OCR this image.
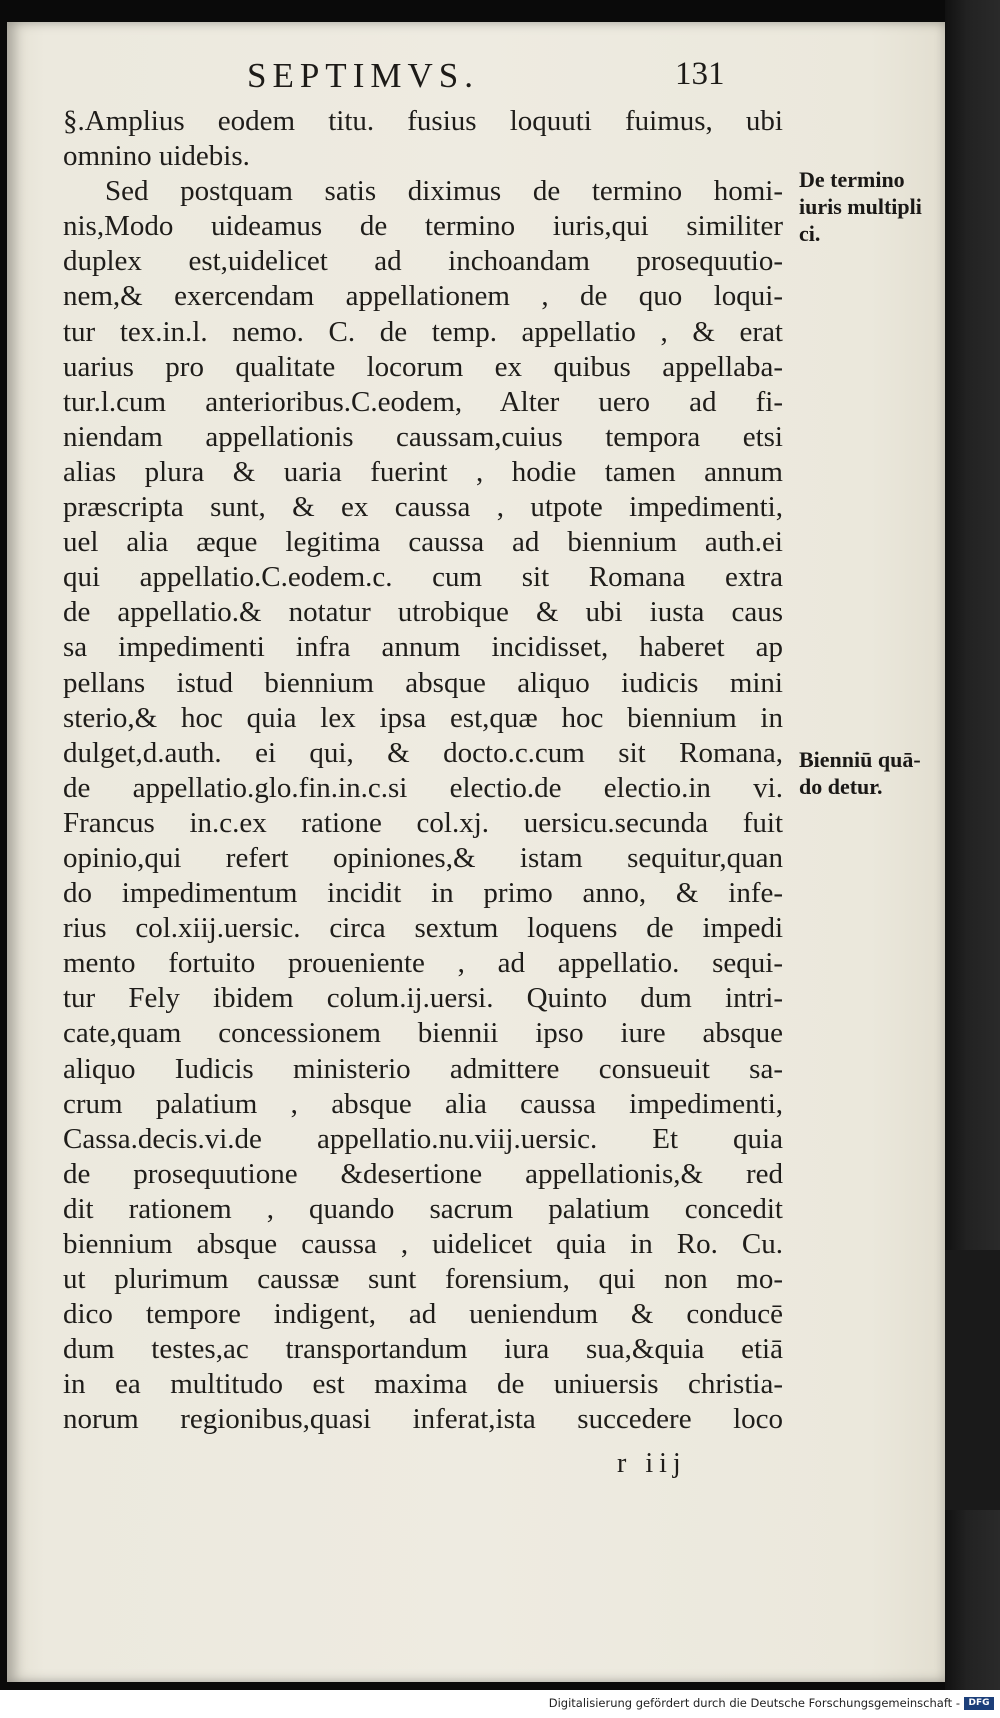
SEPTIMVS.	131
§.Amplius eodem titu. fusius loquuti fuimus, ubi
omnino uidebis.
Sed postquam satis diximus de termino homi-
nis,Modo uideamus de termino iuris,qui similiter
duplex est,uidelicet ad inchoandam prosequutio-
nem,& exercendam appellationem , de quo loqui-
tur tex.in.l. nemo. C. de temp. appellatio , & erat
uarius pro qualitate locorum ex quibus appellaba-
tur.l.cum anterioribus.C.eodem, Alter uero ad fi-
niendam appellationis caussam,cuius tempora etsi
alias plura & uaria fuerint , hodie tamen annum
præscripta sunt, & ex caussa , utpote impedimenti,
uel alia æque legitima caussa ad biennium auth.ei
qui appellatio.C.eodem.c. cum sit Romana extra
de appellatio.& notatur utrobique & ubi iusta caus
sa impedimenti infra annum incidisset, haberet ap
pellans istud biennium absque aliquo iudicis mini
sterio,& hoc quia lex ipsa est,quæ hoc biennium in
dulget,d.auth. ei qui, & docto.c.cum sit Romana,
de appellatio.glo.fin.in.c.si electio.de electio.in vi.
Francus in.c.ex ratione col.xj. uersicu.secunda fuit
opinio,qui refert opiniones,& istam sequitur,quan
do impedimentum incidit in primo anno, & infe-
rius col.xiij.uersic. circa sextum loquens de impedi
mento fortuito proueniente , ad appellatio. sequi-
tur Fely ibidem colum.ij.uersi. Quinto dum intri-
cate,quam concessionem biennii ipso iure absque
aliquo Iudicis ministerio admittere consueuit sa-
crum palatium , absque alia caussa impedimenti,
Cassa.decis.vi.de appellatio.nu.viij.uersic. Et quia
de prosequutione &desertione appellationis,& red
dit rationem , quando sacrum palatium concedit
biennium absque caussa , uidelicet quia in Ro. Cu.
ut plurimum caussæ sunt forensium, qui non mo-
dico tempore indigent, ad ueniendum & conducē
dum testes,ac transportandum iura sua,&quia etiā
in ea multitudo est maxima de uniuersis christia-
norum regionibus,quasi inferat,ista succedere loco
De termino
iuris multipli
ci.
Bienniū quā-
do detur.
r iij
Digitalisierung gefördert durch die Deutsche Forschungsgemeinschaft - DFG
